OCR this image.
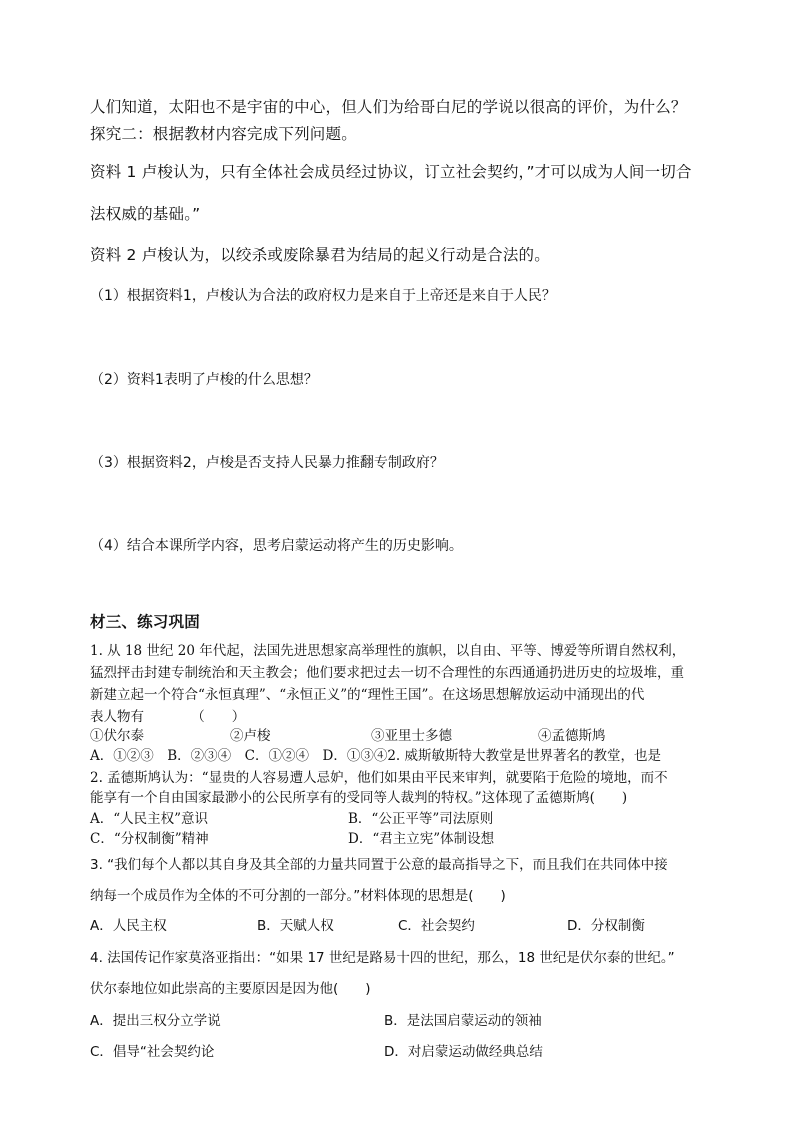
人们知道，太阳也不是宇宙的中心，但人们为给哥白尼的学说以很高的评价，为什么？
探究二：根据教材内容完成下列问题。
资料 1 卢梭认为，只有全体社会成员经过协议，订立社会契约，”才可以成为人间一切合
法权威的基础。”
资料 2 卢梭认为，以绞杀或废除暴君为结局的起义行动是合法的。
（1）根据资料1，卢梭认为合法的政府权力是来自于上帝还是来自于人民？
（2）资料1表明了卢梭的什么思想？
（3）根据资料2，卢梭是否支持人民暴力推翻专制政府？
（4）结合本课所学内容，思考启蒙运动将产生的历史影响。
材三、练习巩固
1. 从 18 世纪 20 年代起，法国先进思想家高举理性的旗帜，以自由、平等、博爱等所谓自然权利，
猛烈抨击封建专制统治和天主教会；他们要求把过去一切不合理性的东西通通扔进历史的垃圾堆，重
新建立起一个符合“永恒真理”、“永恒正义”的“理性王国”。在这场思想解放运动中涌现出的代
表人物有　　　　（　　）
①伏尔泰	②卢梭	③亚里士多德	④孟德斯鸠
A．①②③　B．②③④　C．①②④　D．①③④2. 威斯敏斯特大教堂是世界著名的教堂，也是
2. 孟德斯鸠认为：“显贵的人容易遭人忌妒，他们如果由平民来审判，就要陷于危险的境地，而不
能享有一个自由国家最渺小的公民所享有的受同等人裁判的特权。”这体现了孟德斯鸠(　　)
A．“人民主权”意识	B．“公正平等”司法原则
C．“分权制衡”精神	D．“君主立宪”体制设想
3. “我们每个人都以其自身及其全部的力量共同置于公意的最高指导之下，而且我们在共同体中接
纳每一个成员作为全体的不可分割的一部分。”材料体现的思想是(　　)
A．人民主权	B．天赋人权	C．社会契约	D．分权制衡
4. 法国传记作家莫洛亚指出：“如果 17 世纪是路易十四的世纪，那么，18 世纪是伏尔泰的世纪。”
伏尔泰地位如此崇高的主要原因是因为他(　　)
A．提出三权分立学说	B．是法国启蒙运动的领袖
C．倡导“社会契约论	D．对启蒙运动做经典总结
